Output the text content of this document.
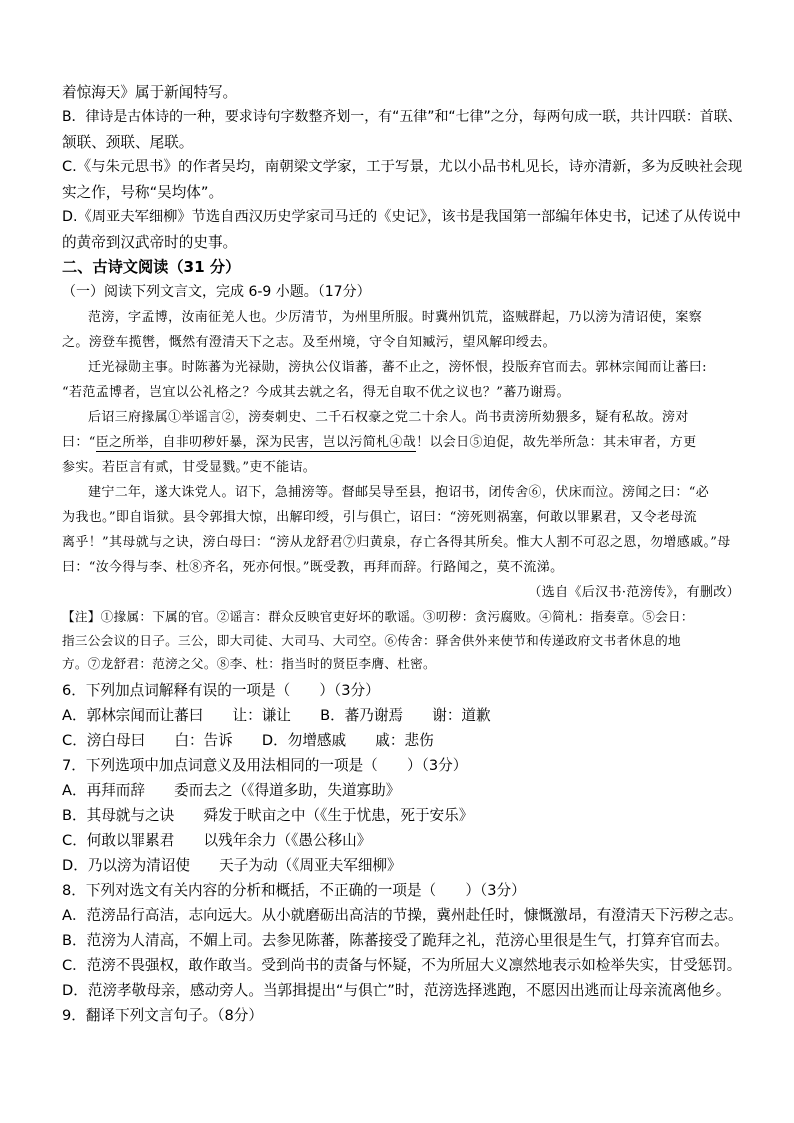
着惊海天》属于新闻特写。
B．律诗是古体诗的一种，要求诗句字数整齐划一，有“五律”和“七律”之分，每两句成一联，共计四联：首联、
颔联、颈联、尾联。
C.《与朱元思书》的作者吴均，南朝梁文学家，工于写景，尤以小品书札见长，诗亦清新，多为反映社会现
实之作，号称“吴均体”。
D.《周亚夫军细柳》节选自西汉历史学家司马迁的《史记》，该书是我国第一部编年体史书，记述了从传说中
的黄帝到汉武帝时的史事。
二、古诗文阅读（31 分）
（一）阅读下列文言文，完成 6-9 小题。（17分）
范滂，字孟博，汝南征羌人也。少厉清节，为州里所服。时冀州饥荒，盗贼群起，乃以滂为清诏使，案察
之。滂登车揽辔，慨然有澄清天下之志。及至州境，守令自知臧污，望风解印绶去。
迁光禄勋主事。时陈蕃为光禄勋，滂执公仪诣蕃，蕃不止之，滂怀恨，投版弃官而去。郭林宗闻而让蕃曰:
“若范孟博者，岂宜以公礼格之？今成其去就之名，得无自取不优之议也？”蕃乃谢焉。
后诏三府掾属①举谣言②，滂奏刺史、二千石权豪之党二十余人。尚书责滂所劾猥多，疑有私故。滂对
曰：“臣之所举，自非叨秽奸暴，深为民害，岂以污简札④哉！以会日⑤迫促，故先举所急：其未审者，方更
参实。若臣言有贰，甘受显戮。”吏不能诘。
建宁二年，遂大诛党人。诏下，急捕滂等。督邮吴导至县，抱诏书，闭传舍⑥，伏床而泣。滂闻之曰：“必
为我也。”即自诣狱。县令郭揖大惊，出解印绶，引与俱亡，诏曰：“滂死则祸塞，何敢以罪累君，又令老母流
离乎！”其母就与之诀，滂白母曰：“滂从龙舒君⑦归黄泉，存亡各得其所矣。惟大人割不可忍之恩，勿增感戚。”母
曰：“汝今得与李、杜⑧齐名，死亦何恨。”既受教，再拜而辞。行路闻之，莫不流涕。
（选自《后汉书·范滂传》，有删改）
【注】①掾属：下属的官。②谣言：群众反映官吏好坏的歌谣。③叨秽：贪污腐败。④简札：指奏章。⑤会日：
指三公会议的日子。三公，即大司徒、大司马、大司空。⑥传舍：驿舍供外来使节和传递政府文书者休息的地
方。⑦龙舒君：范滂之父。⑧李、杜：指当时的贤臣李膺、杜密。
6．下列加点词解释有误的一项是（　　）（3分）
A．郭林宗闻而让蕃曰　　让：谦让　　B．蕃乃谢焉　　谢：道歉
C．滂白母曰　　白：告诉　　D．勿增感戚　　戚：悲伤
7．下列选项中加点词意义及用法相同的一项是（　　）（3分）
A．再拜而辞　　委而去之（《得道多助，失道寡助》
B．其母就与之诀　　舜发于畎亩之中（《生于忧患，死于安乐》
C．何敢以罪累君　　以残年余力（《愚公移山》
D．乃以滂为清诏使　　天子为动（《周亚夫军细柳》
8．下列对选文有关内容的分析和概括，不正确的一项是（　　）（3分）
A．范滂品行高洁，志向远大。从小就磨砺出高洁的节操，冀州赴任时，慷慨激昂，有澄清天下污秽之志。
B．范滂为人清高，不媚上司。去参见陈蕃，陈蕃接受了跪拜之礼，范滂心里很是生气，打算弃官而去。
C．范滂不畏强权，敢作敢当。受到尚书的责备与怀疑，不为所屈大义凛然地表示如检举失实，甘受惩罚。
D．范滂孝敬母亲，感动旁人。当郭揖提出“与俱亡”时，范滂选择逃跑，不愿因出逃而让母亲流离他乡。
9．翻译下列文言句子。（8分）
